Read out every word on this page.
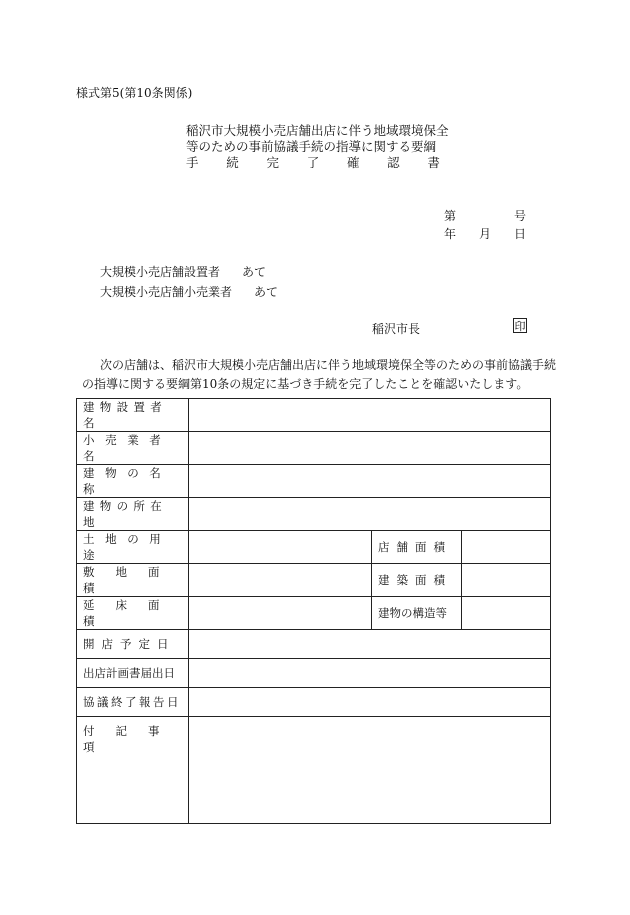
様式第5(第10条関係)
稲沢市大規模小売店舗出店に伴う地域環境保全
等のための事前協議手続の指導に関する要綱
手 続 完 了 確 認 書
第	号
年 月 日
大規模小売店舗設置者 あて
大規模小売店舗小売業者 あて
稲沢市長	印

次の店舗は、稲沢市大規模小売店舗出店に伴う地域環境保全等のための事前協議手続

の指導に関する要綱第10条の規定に基づき手続を完了したことを確認いたします。

建物設置者名			

小売業者名			
建物の名称			
建物の所在地			
土地の用途		店舗面積	
敷地面積		建築面積	
延床面積		建物の構造等	
開店予定日			
出店計画書届出日			
協議終了報告日			

付記事項			
